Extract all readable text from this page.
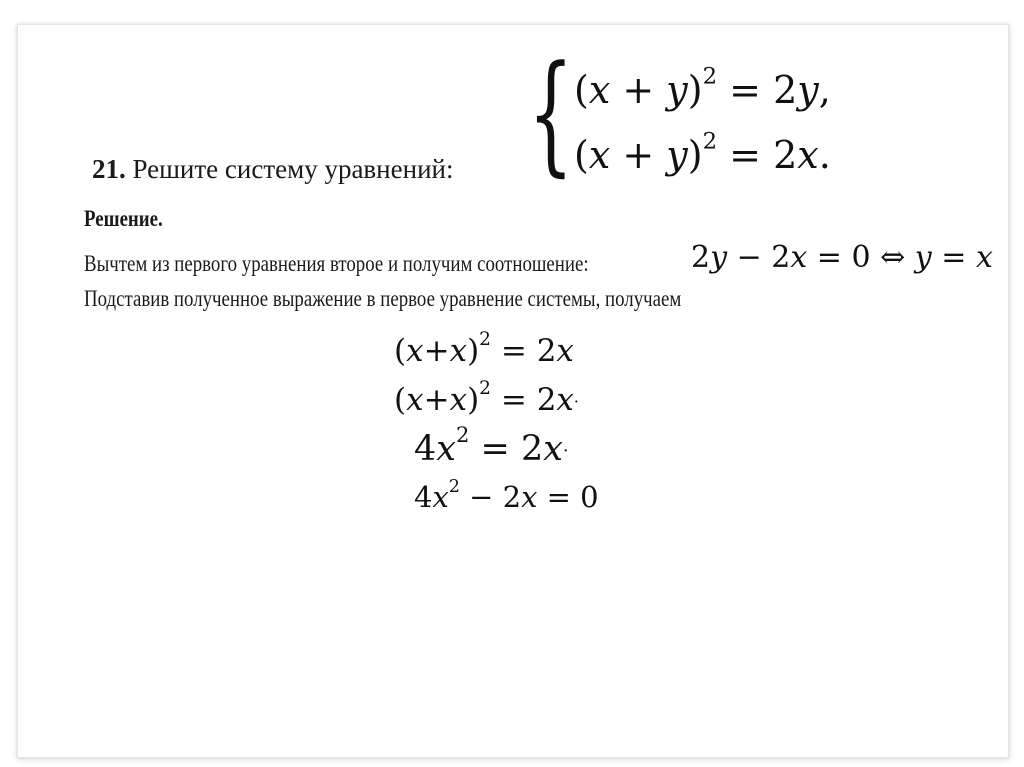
21. Решите систему уравнений: { $(x + y)^2 = 2y$,
$(x + y)^2 = 2x$.
Решение.
Вычтем из первого уравнения второе и получим соотношение:	2y − 2x = 0 ⇔ y = x
Подставив полученное выражение в первое уравнение системы, получаем
$(x+x)^2 = 2x$
$(x+x)^2 = 2x\cdot$
$4x^2 = 2x\cdot$
$4x^2 - 2x = 0$
